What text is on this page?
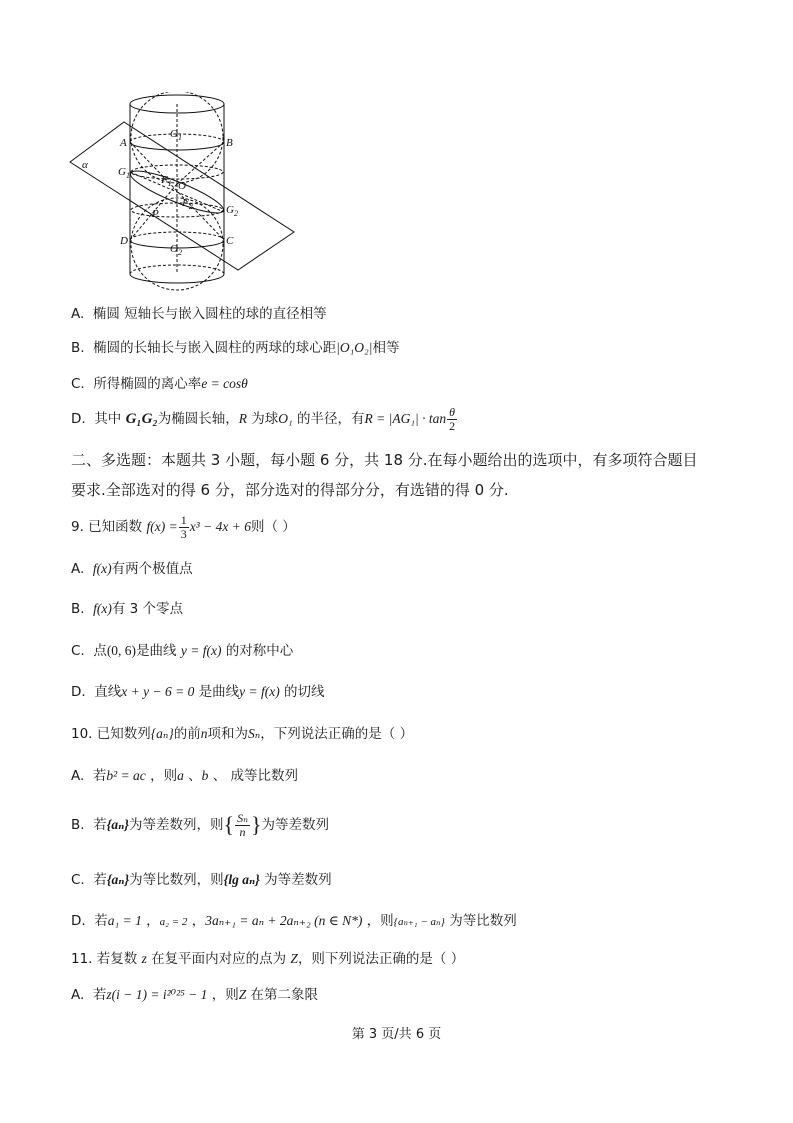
α
A	B
$O_1$
$G_1$
O
$F_1$
$F_2$
P	$G_2$
D	C
$O_2$
A. 椭圆 短轴长与嵌入圆柱的球的直径相等
B. 椭圆的长轴长与嵌入圆柱的两球的球心距|O₁O₂|相等
C. 所得椭圆的离心率e = cosθ
D. 其中 G₁G₂为椭圆长轴，R 为球O₁ 的半径，有$R = |AG_1| \cdot \tan \frac{\theta}{2}$
二、多选题：本题共 3 小题，每小题 6 分，共 18 分.在每小题给出的选项中，有多项符合题目
要求.全部选对的得 6 分，部分选对的得部分分，有选错的得 0 分.
9. 已知函数 $f(x) = \frac{1}{3} x^3 - 4x + 6$则（ ）
A. f(x)有两个极值点
B. f(x)有 3 个零点
C. 点(0, 6)是曲线 y = f(x) 的对称中心
D. 直线x + y − 6 = 0 是曲线y = f(x) 的切线
10. 已知数列{aₙ}的前n项和为Sₙ，下列说法正确的是（ ）
A. 若b² = ac ，则a 、b 、 成等比数列
B. 若{aₙ}为等差数列，则{ $\frac{\text{Sₙ}}{n}$ }为等差数列
C. 若{aₙ}为等比数列，则{lg aₙ} 为等差数列
D. 若a₁ = 1 ，a₂ = 2 ，3aₙ₊₁ = aₙ + 2aₙ₊₂ (n ∈ N*) ，则{aₙ₊₁ − aₙ} 为等比数列
11. 若复数 z 在复平面内对应的点为 Z，则下列说法正确的是（ ）
A. 若z(i − 1) = i²⁰²⁵ − 1 ，则Z 在第二象限
第 3 页/共 6 页
